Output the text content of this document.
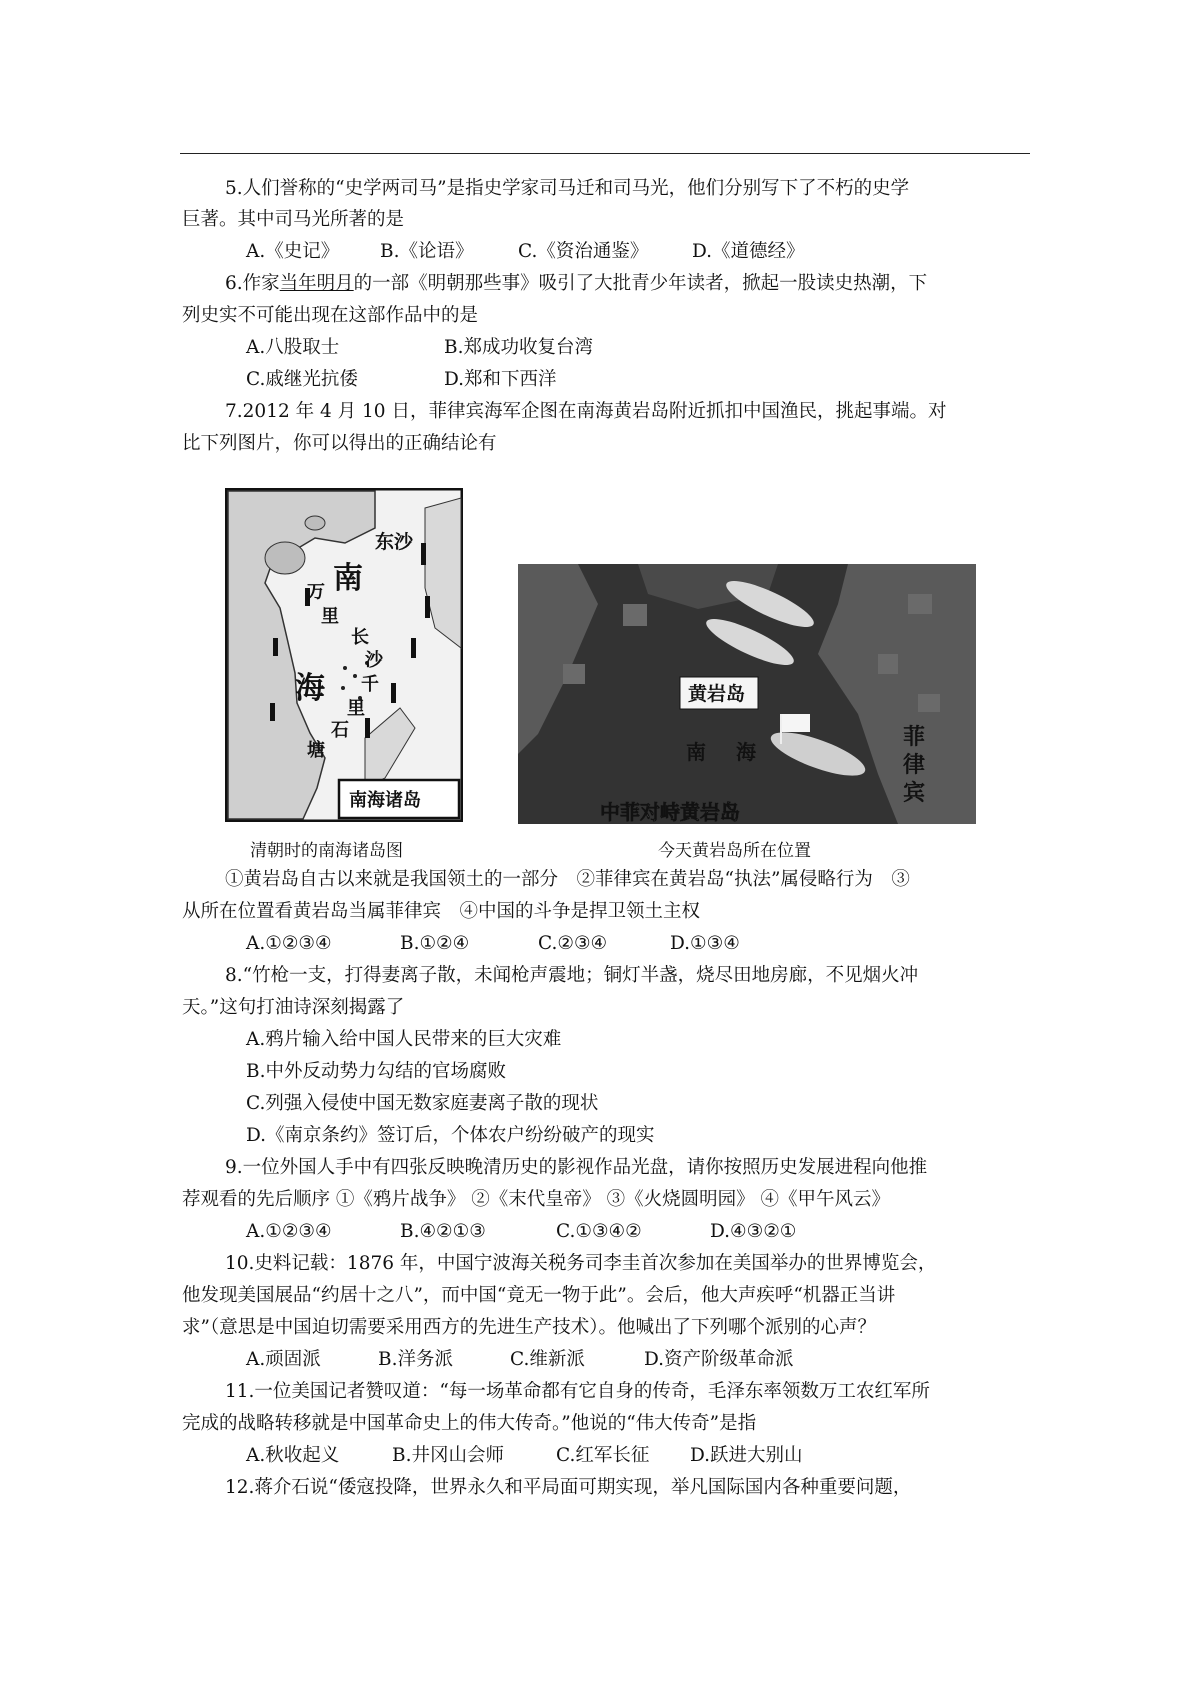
5.人们誉称的“史学两司马”是指史学家司马迁和司马光，他们分别写下了不朽的史学
巨著。其中司马光所著的是
A.《史记》 B.《论语》 C.《资治通鉴》 D.《道德经》
6.作家当年明月的一部《明朝那些事》吸引了大批青少年读者，掀起一股读史热潮，下
列史实不可能出现在这部作品中的是
A.八股取士	B.郑成功收复台湾
C.戚继光抗倭	D.郑和下西洋
7.2012 年 4 月 10 日，菲律宾海军企图在南海黄岩岛附近抓扣中国渔民，挑起事端。对
比下列图片，你可以得出的正确结论有
东沙
南
万
里
长
沙
海 千
里
石
塘
南海诸岛
黄岩岛
南 海
菲
律
宾
中菲对峙黄岩岛
清朝时的南海诸岛图	今天黄岩岛所在位置
①黄岩岛自古以来就是我国领土的一部分　②菲律宾在黄岩岛“执法”属侵略行为　③
从所在位置看黄岩岛当属菲律宾　④中国的斗争是捍卫领土主权
A.①②③④	B.①②④	C.②③④	D.①③④
8.“竹枪一支，打得妻离子散，未闻枪声震地；铜灯半盏，烧尽田地房廊，不见烟火冲
天。”这句打油诗深刻揭露了
A.鸦片输入给中国人民带来的巨大灾难
B.中外反动势力勾结的官场腐败
C.列强入侵使中国无数家庭妻离子散的现状
D.《南京条约》签订后，个体农户纷纷破产的现实
9.一位外国人手中有四张反映晚清历史的影视作品光盘，请你按照历史发展进程向他推
荐观看的先后顺序 ①《鸦片战争》 ②《末代皇帝》 ③《火烧圆明园》 ④《甲午风云》
A.①②③④	B.④②①③	C.①③④②	D.④③②①
10.史料记载：1876 年，中国宁波海关税务司李圭首次参加在美国举办的世界博览会，
他发现美国展品“约居十之八”，而中国“竟无一物于此”。会后，他大声疾呼“机器正当讲
求”（意思是中国迫切需要采用西方的先进生产技术）。他喊出了下列哪个派别的心声？
A.顽固派	B.洋务派	C.维新派	D.资产阶级革命派
11.一位美国记者赞叹道：“每一场革命都有它自身的传奇，毛泽东率领数万工农红军所
完成的战略转移就是中国革命史上的伟大传奇。”他说的“伟大传奇”是指
A.秋收起义	B.井冈山会师	C.红军长征 D.跃进大别山
12.蒋介石说“倭寇投降，世界永久和平局面可期实现，举凡国际国内各种重要问题，
